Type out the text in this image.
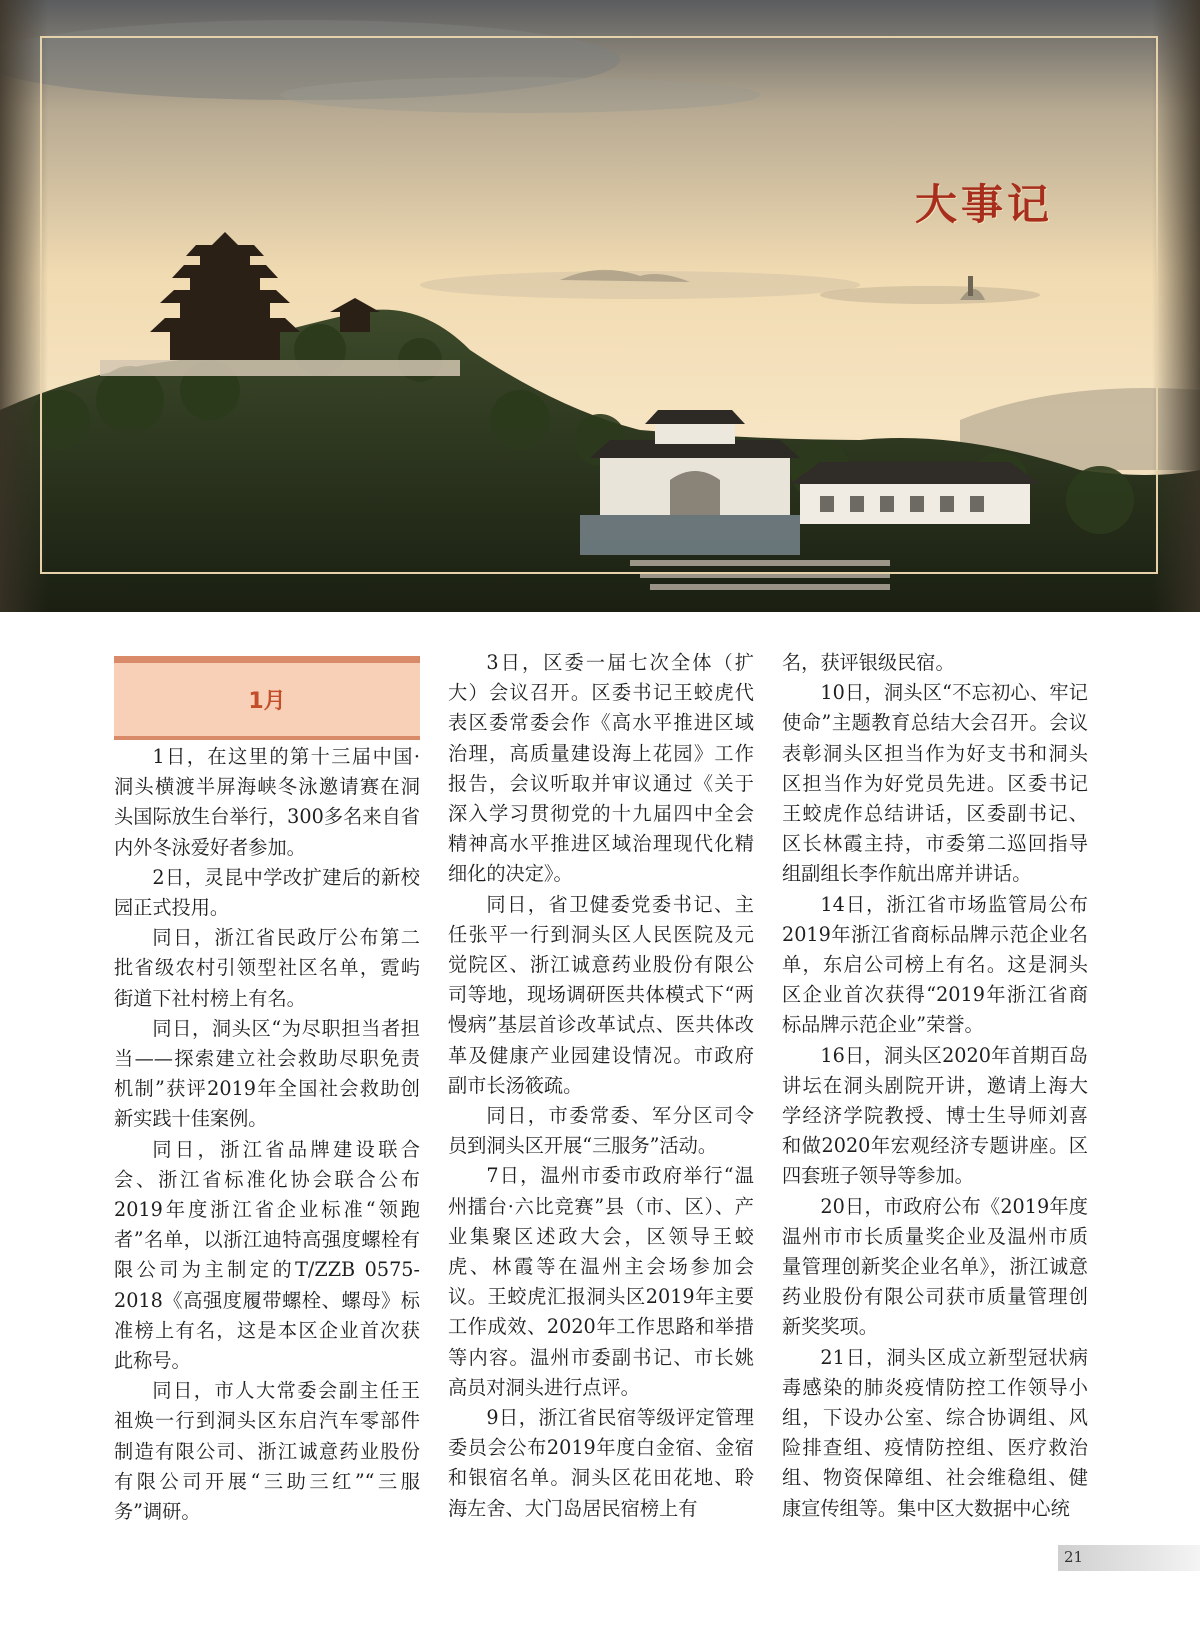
大事记
1月

1日，在这里的第十三届中国·洞头横渡半屏海峡冬泳邀请赛在洞头国际放生台举行，300多名来自省内外冬泳爱好者参加。

2日，灵昆中学改扩建后的新校园正式投用。

同日，浙江省民政厅公布第二批省级农村引领型社区名单，霓屿街道下社村榜上有名。

同日，洞头区“为尽职担当者担当——探索建立社会救助尽职免责机制”获评2019年全国社会救助创新实践十佳案例。

同日，浙江省品牌建设联合会、浙江省标准化协会联合公布2019年度浙江省企业标准“领跑者”名单，以浙江迪特高强度螺栓有限公司为主制定的T/ZZB 0575-2018《高强度履带螺栓、螺母》标准榜上有名，这是本区企业首次获此称号。

同日，市人大常委会副主任王祖焕一行到洞头区东启汽车零部件制造有限公司、浙江诚意药业股份有限公司开展“三助三红”“三服务”调研。

3日，区委一届七次全体（扩大）会议召开。区委书记王蛟虎代表区委常委会作《高水平推进区域治理，高质量建设海上花园》工作报告，会议听取并审议通过《关于深入学习贯彻党的十九届四中全会精神高水平推进区域治理现代化精细化的决定》。

同日，省卫健委党委书记、主任张平一行到洞头区人民医院及元觉院区、浙江诚意药业股份有限公司等地，现场调研医共体模式下“两慢病”基层首诊改革试点、医共体改革及健康产业园建设情况。市政府副市长汤筱疏。

同日，市委常委、军分区司令员到洞头区开展“三服务”活动。

7日，温州市委市政府举行“温州擂台·六比竞赛”县（市、区）、产业集聚区述政大会，区领导王蛟虎、林霞等在温州主会场参加会议。王蛟虎汇报洞头区2019年主要工作成效、2020年工作思路和举措等内容。温州市委副书记、市长姚高员对洞头进行点评。

9日，浙江省民宿等级评定管理委员会公布2019年度白金宿、金宿和银宿名单。洞头区花田花地、聆海左舍、大门岛居民宿榜上有

名，获评银级民宿。

10日，洞头区“不忘初心、牢记使命”主题教育总结大会召开。会议表彰洞头区担当作为好支书和洞头区担当作为好党员先进。区委书记王蛟虎作总结讲话，区委副书记、区长林霞主持，市委第二巡回指导组副组长李作航出席并讲话。

14日，浙江省市场监管局公布2019年浙江省商标品牌示范企业名单，东启公司榜上有名。这是洞头区企业首次获得“2019年浙江省商标品牌示范企业”荣誉。

16日，洞头区2020年首期百岛讲坛在洞头剧院开讲，邀请上海大学经济学院教授、博士生导师刘喜和做2020年宏观经济专题讲座。区四套班子领导等参加。

20日，市政府公布《2019年度温州市市长质量奖企业及温州市质量管理创新奖企业名单》，浙江诚意药业股份有限公司获市质量管理创新奖奖项。

21日，洞头区成立新型冠状病毒感染的肺炎疫情防控工作领导小组，下设办公室、综合协调组、风险排查组、疫情防控组、医疗救治组、物资保障组、社会维稳组、健康宣传组等。集中区大数据中心统

21
